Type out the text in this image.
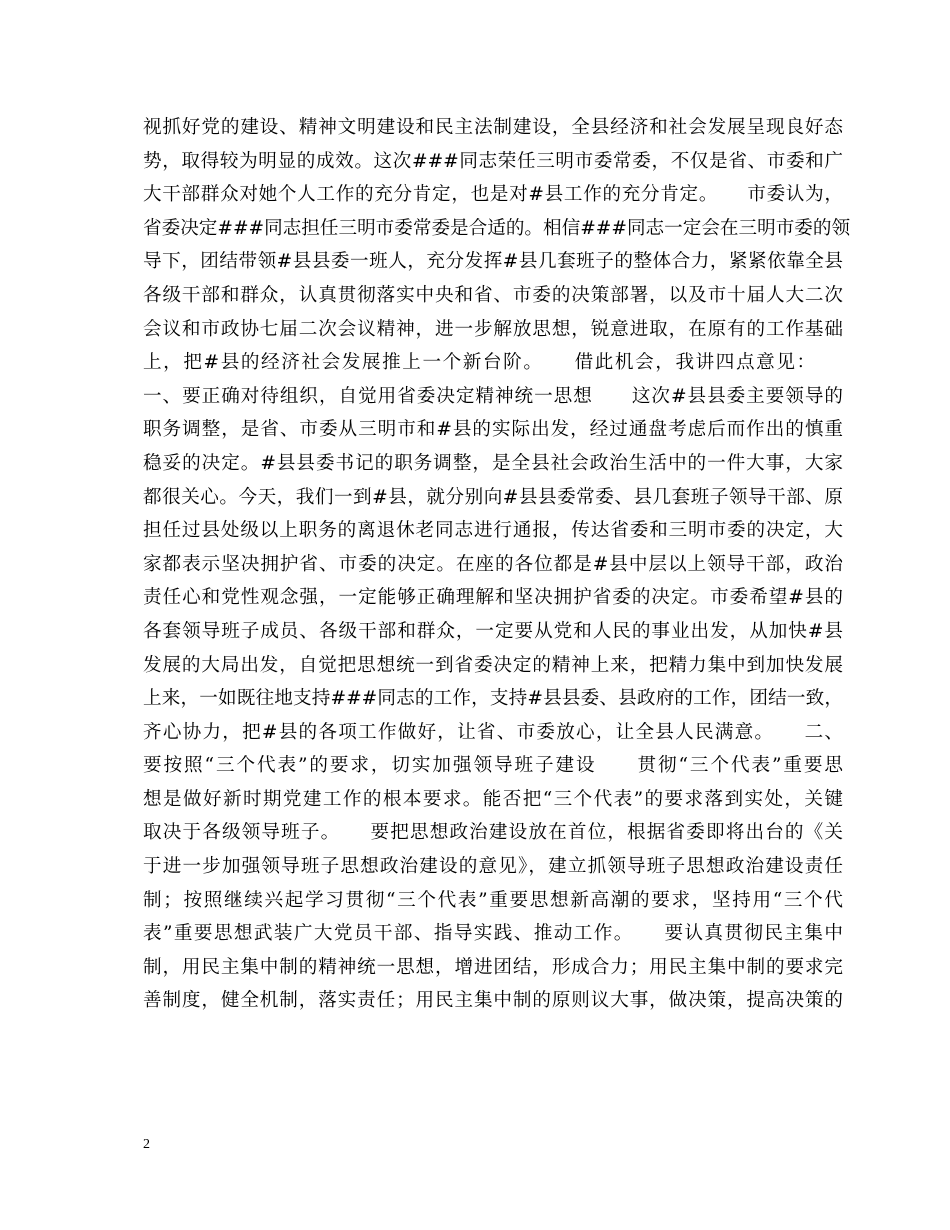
视抓好党的建设、精神文明建设和民主法制建设，全县经济和社会发展呈现良好态
势，取得较为明显的成效。这次###同志荣任三明市委常委，不仅是省、市委和广
大干部群众对她个人工作的充分肯定，也是对#县工作的充分肯定。　　市委认为，
省委决定###同志担任三明市委常委是合适的。相信###同志一定会在三明市委的领
导下，团结带领#县县委一班人，充分发挥#县几套班子的整体合力，紧紧依靠全县
各级干部和群众，认真贯彻落实中央和省、市委的决策部署，以及市十届人大二次
会议和市政协七届二次会议精神，进一步解放思想，锐意进取，在原有的工作基础
上，把#县的经济社会发展推上一个新台阶。　　借此机会，我讲四点意见：　　
一、要正确对待组织，自觉用省委决定精神统一思想　　这次#县县委主要领导的
职务调整，是省、市委从三明市和#县的实际出发，经过通盘考虑后而作出的慎重
稳妥的决定。#县县委书记的职务调整，是全县社会政治生活中的一件大事，大家
都很关心。今天，我们一到#县，就分别向#县县委常委、县几套班子领导干部、原
担任过县处级以上职务的离退休老同志进行通报，传达省委和三明市委的决定，大
家都表示坚决拥护省、市委的决定。在座的各位都是#县中层以上领导干部，政治
责任心和党性观念强，一定能够正确理解和坚决拥护省委的决定。市委希望#县的
各套领导班子成员、各级干部和群众，一定要从党和人民的事业出发，从加快#县
发展的大局出发，自觉把思想统一到省委决定的精神上来，把精力集中到加快发展
上来，一如既往地支持###同志的工作，支持#县县委、县政府的工作，团结一致，
齐心协力，把#县的各项工作做好，让省、市委放心，让全县人民满意。　　二、
要按照“三个代表”的要求，切实加强领导班子建设　　贯彻“三个代表”重要思
想是做好新时期党建工作的根本要求。能否把“三个代表”的要求落到实处，关键
取决于各级领导班子。　　要把思想政治建设放在首位，根据省委即将出台的《关
于进一步加强领导班子思想政治建设的意见》，建立抓领导班子思想政治建设责任
制；按照继续兴起学习贯彻“三个代表”重要思想新高潮的要求，坚持用“三个代
表”重要思想武装广大党员干部、指导实践、推动工作。　　要认真贯彻民主集中
制，用民主集中制的精神统一思想，增进团结，形成合力；用民主集中制的要求完
善制度，健全机制，落实责任；用民主集中制的原则议大事，做决策，提高决策的
2
